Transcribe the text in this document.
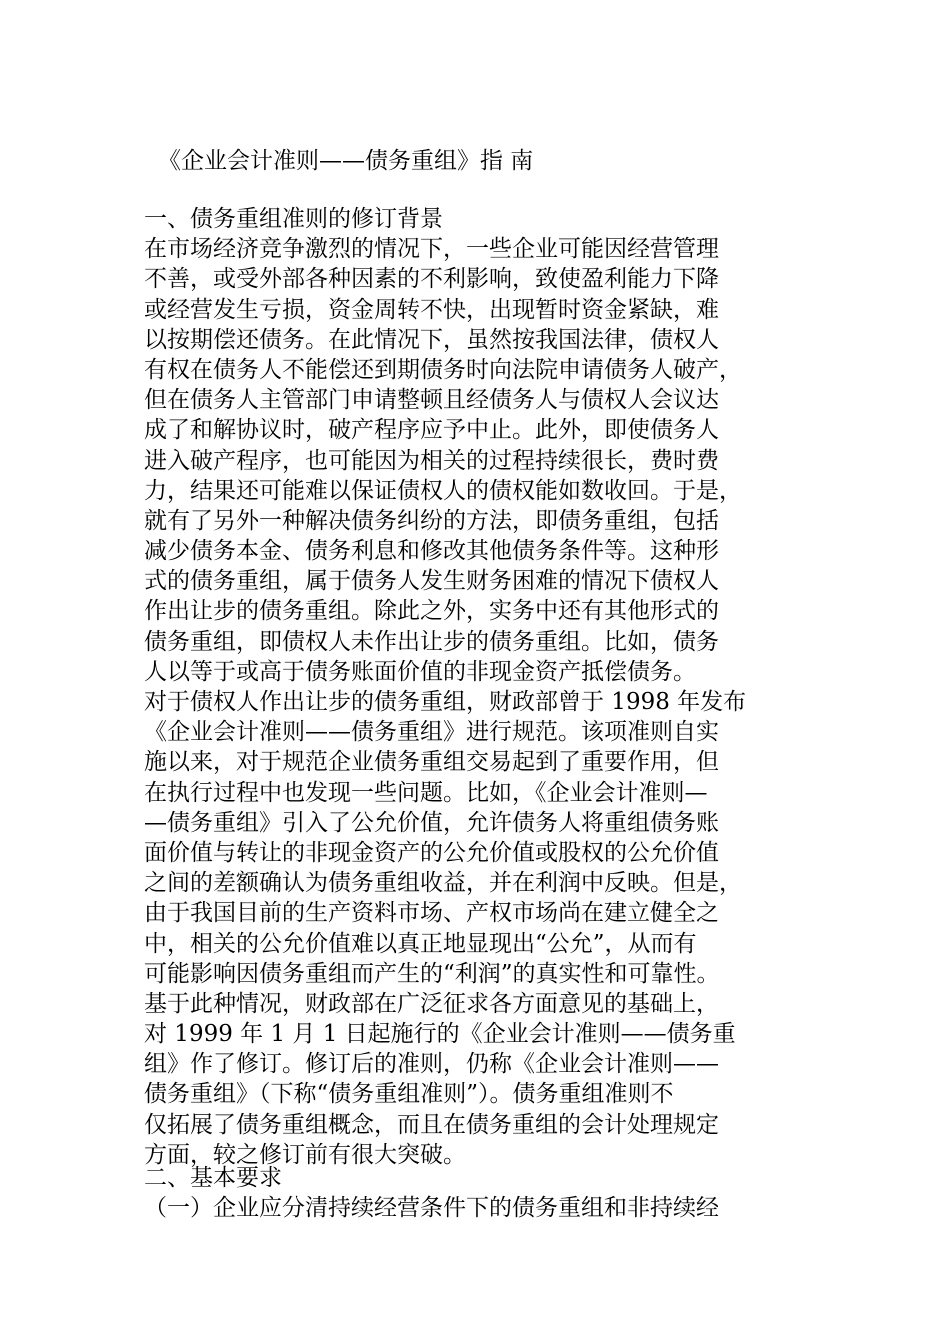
《企业会计准则——债务重组》指 南
一、债务重组准则的修订背景
在市场经济竞争激烈的情况下，一些企业可能因经营管理
不善，或受外部各种因素的不利影响，致使盈利能力下降
或经营发生亏损，资金周转不快，出现暂时资金紧缺，难
以按期偿还债务。在此情况下，虽然按我国法律，债权人
有权在债务人不能偿还到期债务时向法院申请债务人破产，
但在债务人主管部门申请整顿且经债务人与债权人会议达
成了和解协议时，破产程序应予中止。此外，即使债务人
进入破产程序，也可能因为相关的过程持续很长，费时费
力，结果还可能难以保证债权人的债权能如数收回。于是，
就有了另外一种解决债务纠纷的方法，即债务重组，包括
减少债务本金、债务利息和修改其他债务条件等。这种形
式的债务重组，属于债务人发生财务困难的情况下债权人
作出让步的债务重组。除此之外，实务中还有其他形式的
债务重组，即债权人未作出让步的债务重组。比如，债务
人以等于或高于债务账面价值的非现金资产抵偿债务。
对于债权人作出让步的债务重组，财政部曾于 1998 年发布
《企业会计准则——债务重组》进行规范。该项准则自实
施以来，对于规范企业债务重组交易起到了重要作用，但
在执行过程中也发现一些问题。比如，《企业会计准则—
—债务重组》引入了公允价值，允许债务人将重组债务账
面价值与转让的非现金资产的公允价值或股权的公允价值
之间的差额确认为债务重组收益，并在利润中反映。但是，
由于我国目前的生产资料市场、产权市场尚在建立健全之
中，相关的公允价值难以真正地显现出“公允”，从而有
可能影响因债务重组而产生的“利润”的真实性和可靠性。
基于此种情况，财政部在广泛征求各方面意见的基础上，
对 1999 年 1 月 1 日起施行的《企业会计准则——债务重
组》作了修订。修订后的准则，仍称《企业会计准则——
债务重组》（下称“债务重组准则”）。债务重组准则不
仅拓展了债务重组概念，而且在债务重组的会计处理规定
方面，较之修订前有很大突破。
二、基本要求
（一）企业应分清持续经营条件下的债务重组和非持续经
